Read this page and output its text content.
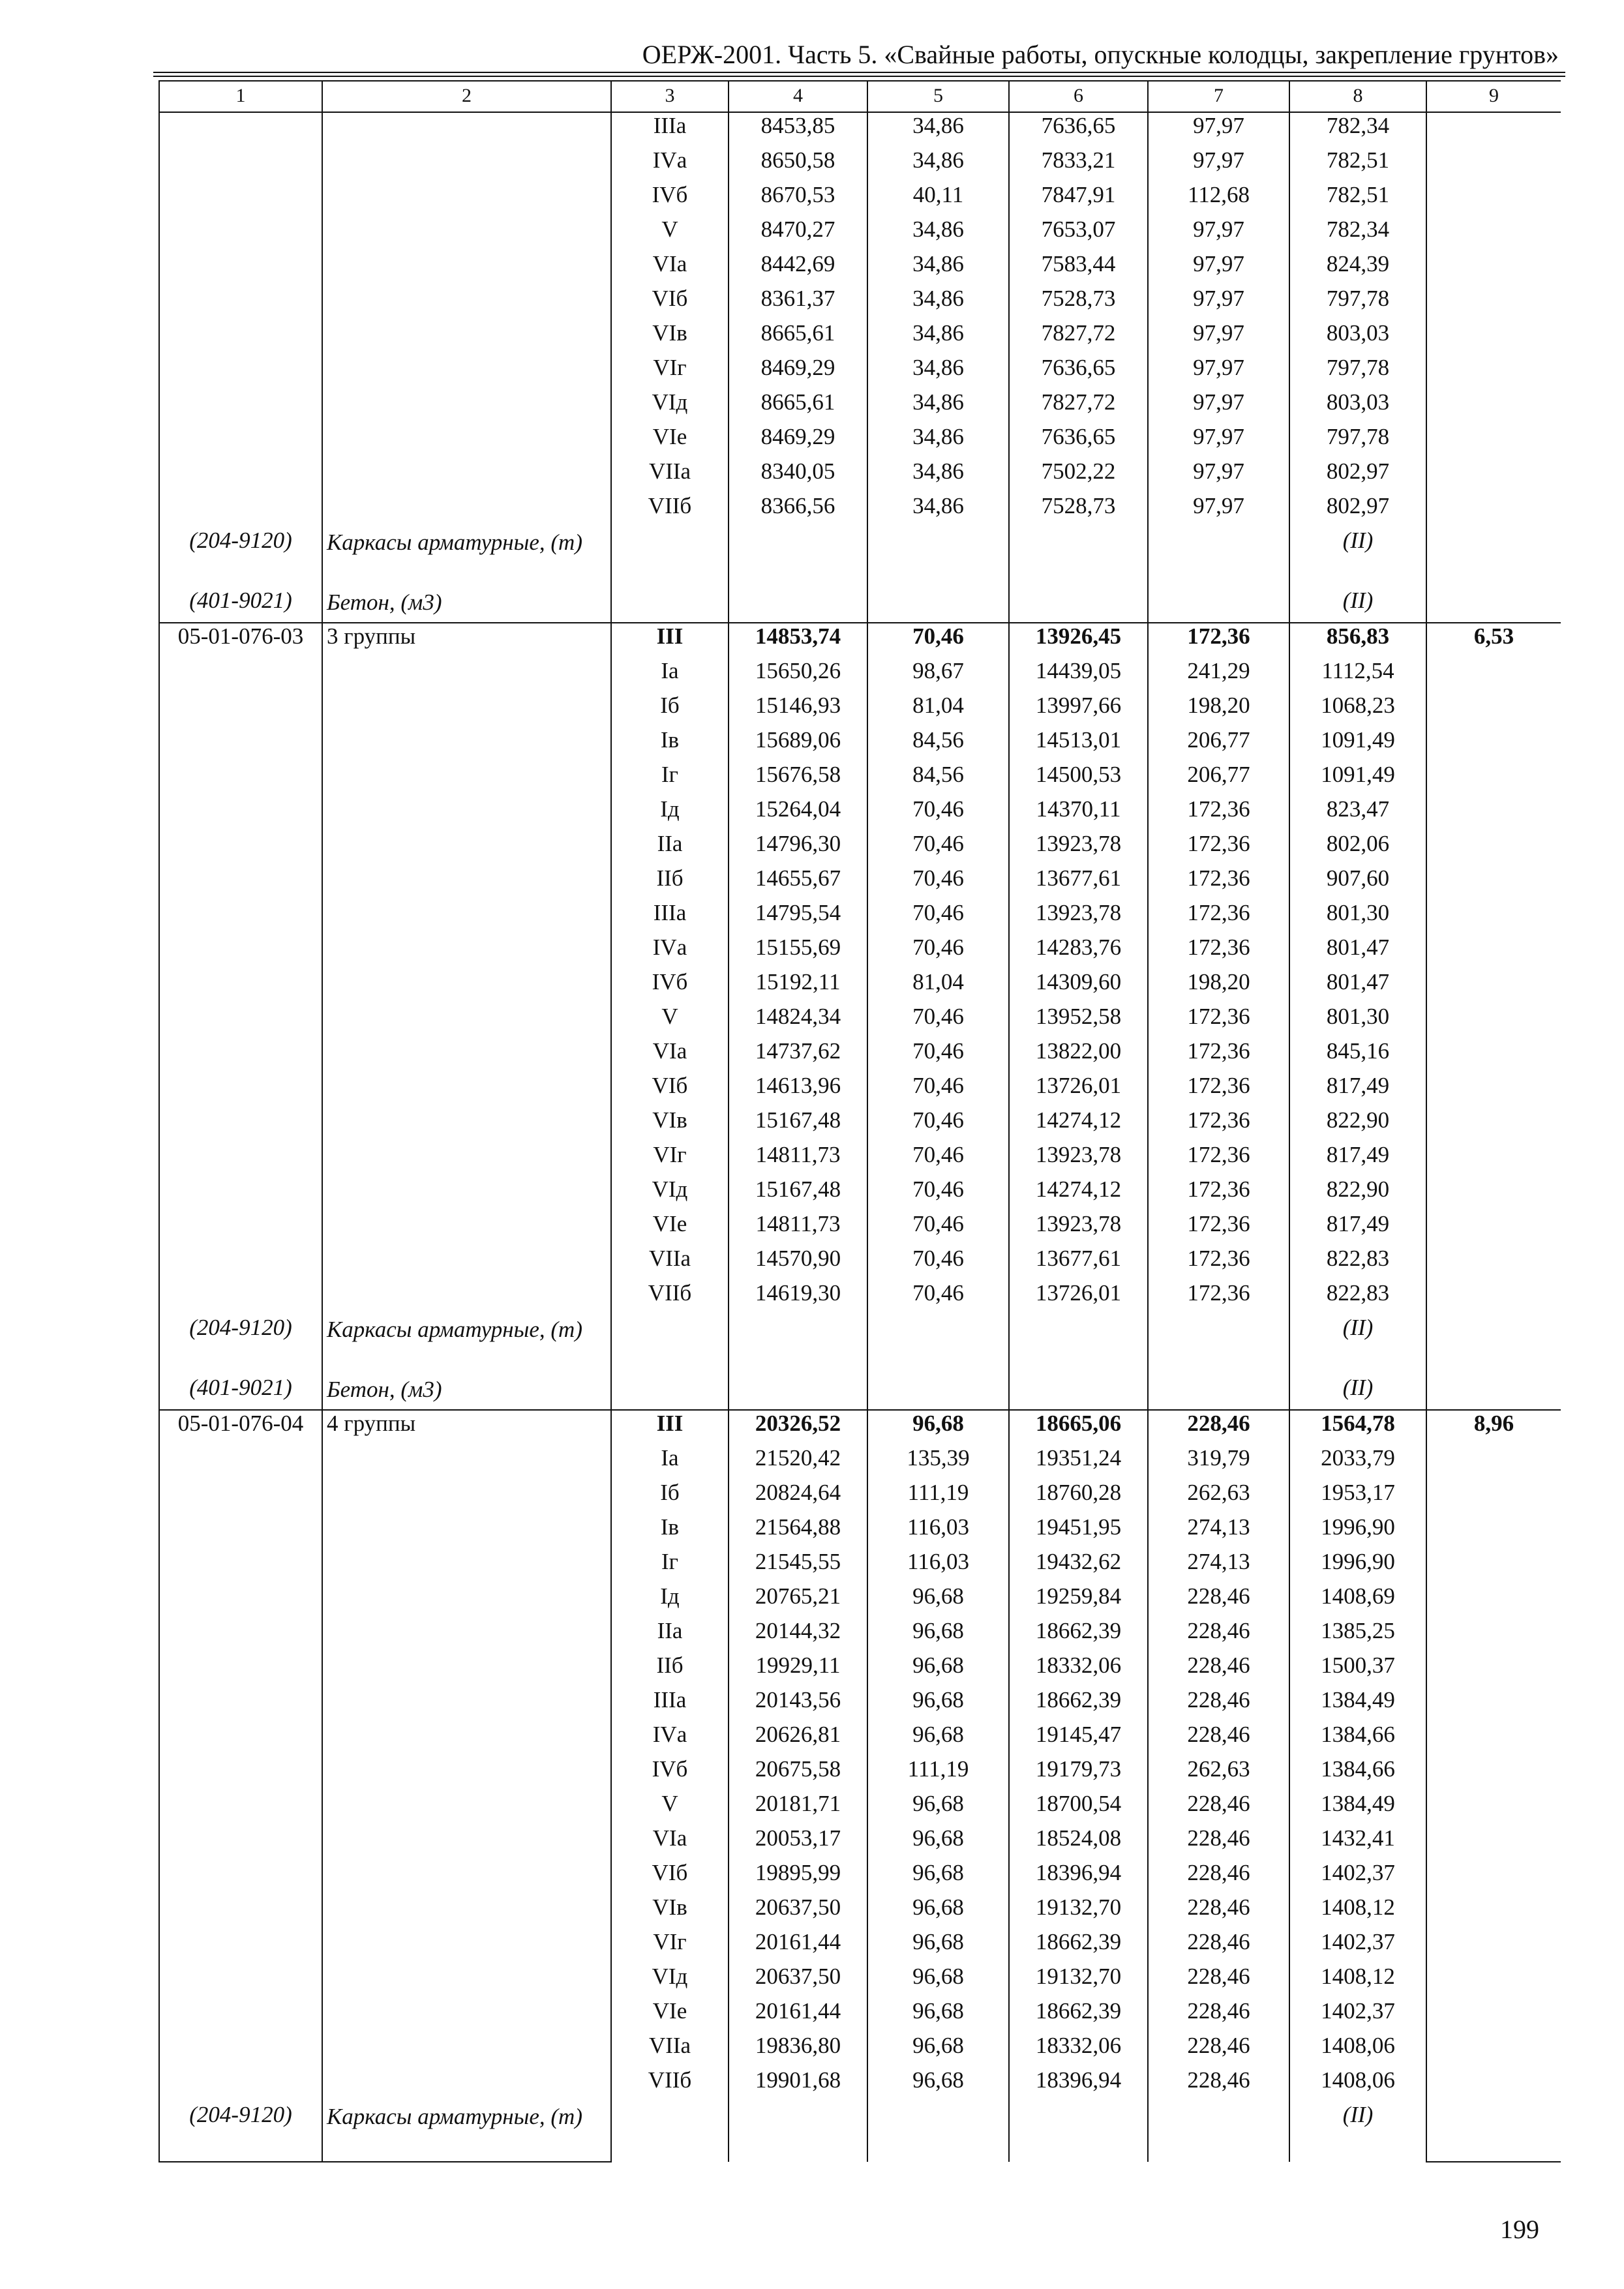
ОЕРЖ-2001. Часть 5. «Свайные работы, опускные колодцы, закрепление грунтов»
1	2	3	4	5	6	7	8	9
		IIIа	8453,85	34,86	7636,65	97,97	782,34	
		IVа	8650,58	34,86	7833,21	97,97	782,51	
		IVб	8670,53	40,11	7847,91	112,68	782,51	
		V	8470,27	34,86	7653,07	97,97	782,34	
		VIа	8442,69	34,86	7583,44	97,97	824,39	
		VIб	8361,37	34,86	7528,73	97,97	797,78	
		VIв	8665,61	34,86	7827,72	97,97	803,03	
		VIг	8469,29	34,86	7636,65	97,97	797,78	
		VIд	8665,61	34,86	7827,72	97,97	803,03	
		VIе	8469,29	34,86	7636,65	97,97	797,78	
		VIIа	8340,05	34,86	7502,22	97,97	802,97	
		VIIб	8366,56	34,86	7528,73	97,97	802,97	
(204-9120)	Каркасы арматурные, (т)						(II)	
(401-9021)	Бетон, (м3)						(II)	
05-01-076-03	3 группы	III	14853,74	70,46	13926,45	172,36	856,83	6,53
		Iа	15650,26	98,67	14439,05	241,29	1112,54	
		Iб	15146,93	81,04	13997,66	198,20	1068,23	
		Iв	15689,06	84,56	14513,01	206,77	1091,49	
		Iг	15676,58	84,56	14500,53	206,77	1091,49	
		Iд	15264,04	70,46	14370,11	172,36	823,47	
		IIа	14796,30	70,46	13923,78	172,36	802,06	
		IIб	14655,67	70,46	13677,61	172,36	907,60	
		IIIа	14795,54	70,46	13923,78	172,36	801,30	
		IVа	15155,69	70,46	14283,76	172,36	801,47	
		IVб	15192,11	81,04	14309,60	198,20	801,47	
		V	14824,34	70,46	13952,58	172,36	801,30	
		VIа	14737,62	70,46	13822,00	172,36	845,16	
		VIб	14613,96	70,46	13726,01	172,36	817,49	
		VIв	15167,48	70,46	14274,12	172,36	822,90	
		VIг	14811,73	70,46	13923,78	172,36	817,49	
		VIд	15167,48	70,46	14274,12	172,36	822,90	
		VIе	14811,73	70,46	13923,78	172,36	817,49	
		VIIа	14570,90	70,46	13677,61	172,36	822,83	
		VIIб	14619,30	70,46	13726,01	172,36	822,83	
(204-9120)	Каркасы арматурные, (т)						(II)	
(401-9021)	Бетон, (м3)						(II)	
05-01-076-04	4 группы	III	20326,52	96,68	18665,06	228,46	1564,78	8,96
		Iа	21520,42	135,39	19351,24	319,79	2033,79	
		Iб	20824,64	111,19	18760,28	262,63	1953,17	
		Iв	21564,88	116,03	19451,95	274,13	1996,90	
		Iг	21545,55	116,03	19432,62	274,13	1996,90	
		Iд	20765,21	96,68	19259,84	228,46	1408,69	
		IIа	20144,32	96,68	18662,39	228,46	1385,25	
		IIб	19929,11	96,68	18332,06	228,46	1500,37	
		IIIа	20143,56	96,68	18662,39	228,46	1384,49	
		IVа	20626,81	96,68	19145,47	228,46	1384,66	
		IVб	20675,58	111,19	19179,73	262,63	1384,66	
		V	20181,71	96,68	18700,54	228,46	1384,49	
		VIа	20053,17	96,68	18524,08	228,46	1432,41	
		VIб	19895,99	96,68	18396,94	228,46	1402,37	
		VIв	20637,50	96,68	19132,70	228,46	1408,12	
		VIг	20161,44	96,68	18662,39	228,46	1402,37	
		VIд	20637,50	96,68	19132,70	228,46	1408,12	
		VIе	20161,44	96,68	18662,39	228,46	1402,37	
		VIIа	19836,80	96,68	18332,06	228,46	1408,06	
		VIIб	19901,68	96,68	18396,94	228,46	1408,06	
(204-9120)	Каркасы арматурные, (т)						(II)	
199
